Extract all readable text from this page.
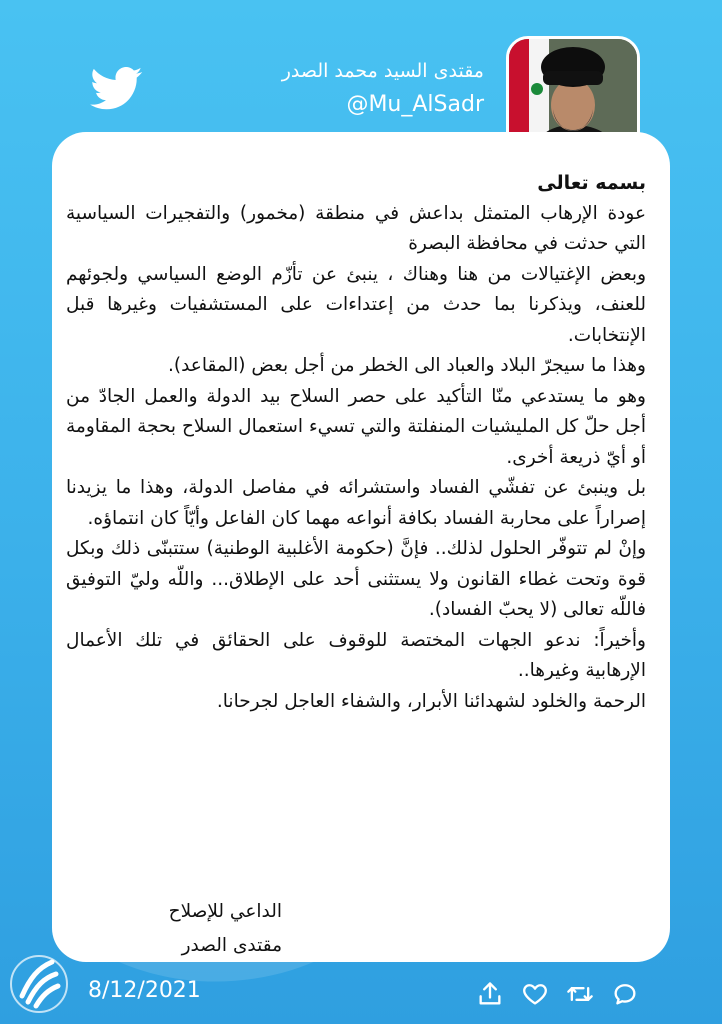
مقتدى السيد محمد الصدر
@Mu_AlSadr

بسمه تعالى

عودة الإرهاب المتمثل بداعش في منطقة (مخمور) والتفجيرات السياسية التي حدثت في محافظة البصرة

وبعض الإغتيالات من هنا وهناك ، ينبئ عن تأزّم الوضع السياسي ولجوئهم للعنف، ويذكرنا بما حدث من إعتداءات على المستشفيات وغيرها قبل الإنتخابات.

وهذا ما سيجرّ البلاد والعباد الى الخطر من أجل بعض (المقاعد).

وهو ما يستدعي منّا التأكيد على حصر السلاح بيد الدولة والعمل الجادّ من أجل حلّ كل المليشيات المنفلتة والتي تسيء استعمال السلاح بحجة المقاومة أو أيّ ذريعة أخرى.

بل وينبئ عن تفشّي الفساد واستشرائه في مفاصل الدولة، وهذا ما يزيدنا إصراراً على محاربة الفساد بكافة أنواعه مهما كان الفاعل وأيّاً كان انتماؤه.

وإنْ لم تتوفّر الحلول لذلك.. فإنَّ (حكومة الأغلبية الوطنية) ستتبنّى ذلك وبكل قوة وتحت غطاء القانون ولا يستثنى أحد على الإطلاق... واللّه وليّ التوفيق فاللّه تعالى (لا يحبّ الفساد).

وأخيراً: ندعو الجهات المختصة للوقوف على الحقائق في تلك الأعمال الإرهابية وغيرها..

الرحمة والخلود لشهدائنا الأبرار، والشفاء العاجل لجرحانا.

الداعي للإصلاح
مقتدى الصدر
8/12/2021
